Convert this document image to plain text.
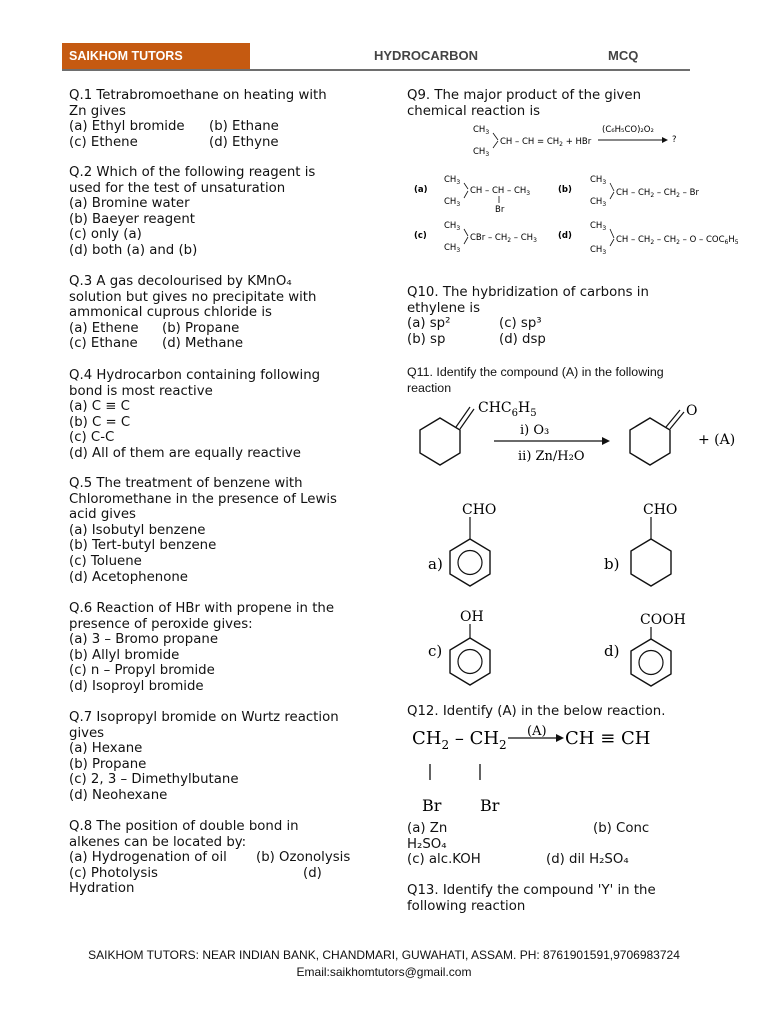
SAIKHOM TUTORS	HYDROCARBON	MCQ
Q.1 Tetrabromoethane on heating with
Zn gives
(a) Ethyl bromide	(b) Ethane
(c) Ethene	(d) Ethyne
Q.2 Which of the following reagent is
used for the test of unsaturation
(a) Bromine water
(b) Baeyer reagent
(c) only (a)
(d) both (a) and (b)
Q.3 A gas decolourised by KMnO₄
solution but gives no precipitate with
ammonical cuprous chloride is
(a) Ethene	(b) Propane
(c) Ethane	(d) Methane
Q.4 Hydrocarbon containing following
bond is most reactive
(a) C ≡ C
(b) C = C
(c) C-C
(d) All of them are equally reactive
Q.5 The treatment of benzene with
Chloromethane in the presence of Lewis
acid gives
(a) Isobutyl benzene
(b) Tert-butyl benzene
(c) Toluene
(d) Acetophenone
Q.6 Reaction of HBr with propene in the
presence of peroxide gives:
(a) 3 – Bromo propane
(b) Allyl bromide
(c) n – Propyl bromide
(d) Isoproyl bromide
Q.7 Isopropyl bromide on Wurtz reaction
gives
(a) Hexane
(b) Propane
(c) 2, 3 – Dimethylbutane
(d) Neohexane
Q.8 The position of double bond in
alkenes can be located by:
(a) Hydrogenation of oil	(b) Ozonolysis
(c) Photolysis	(d)
Hydration
Q9. The major product of the given
chemical reaction is
$CH_3$
$CH_3$
CH – CH = $CH_2$ + HBr
(C₆H₅CO)₂O₂
?
(a)
$CH_3$
$CH_3$
CH – CH – $CH_3$
Br
(b)
$CH_3$
$CH_3$
CH – $CH_2 - CH_2$ – Br
(c)
$CH_3$
$CH_3$
CBr – $CH_2 - CH_3$ (d)
$CH_3$
$CH_3$
CH – $CH_2 - CH_2$ – O – $COC_6H_5$
Q10. The hybridization of carbons in
ethylene is
(a) sp²	(c) sp³
(b) sp	(d) dsp
Q11. Identify the compound (A) in the following
reaction
$CHC_6H_5$
i) O₃
ii) Zn/H₂O
O
+ (A)
a)
CHO
b)
CHO
c)
OH
d)
COOH
Q12. Identify (A) in the below reaction.
$CH_2 - CH_2$
(A) CH ≡ CH
Br Br
(a) Zn	(b) Conc
H₂SO₄
(c) alc.KOH	(d) dil H₂SO₄
Q13. Identify the compound 'Y' in the
following reaction
SAIKHOM TUTORS: NEAR INDIAN BANK, CHANDMARI, GUWAHATI, ASSAM. PH: 8761901591,9706983724
Email:saikhomtutors@gmail.com
